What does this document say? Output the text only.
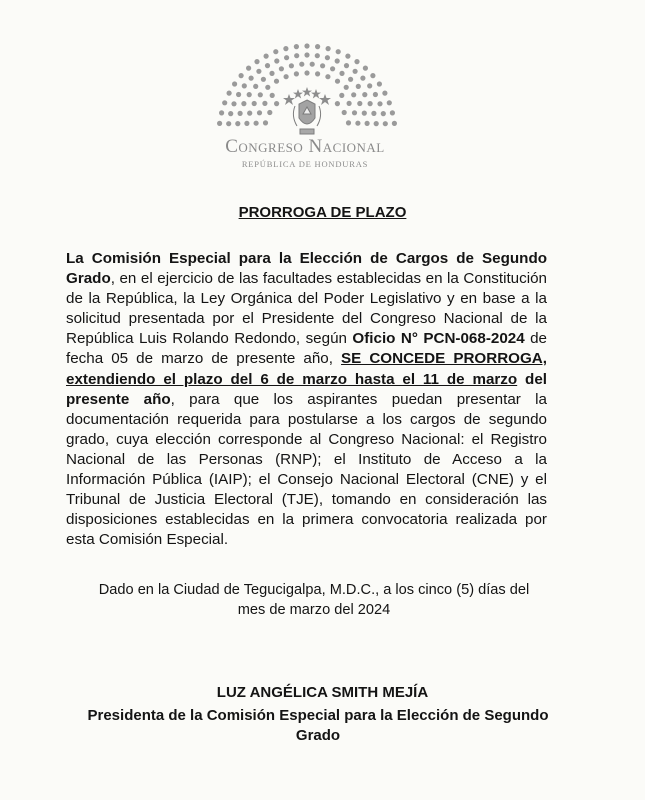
Congreso Nacional
REPÚBLICA DE HONDURAS
PRORROGA DE PLAZO
La Comisión Especial para la Elección de Cargos de Segundo Grado, en el ejercicio de las facultades establecidas en la Constitución de la República, la Ley Orgánica del Poder Legislativo y en base a la solicitud presentada por el Presidente del Congreso Nacional de la República Luis Rolando Redondo, según Oficio N° PCN-068-2024 de fecha 05 de marzo de presente año, SE CONCEDE PRORROGA, extendiendo el plazo del 6 de marzo hasta el 11 de marzo del presente año, para que los aspirantes puedan presentar la documentación requerida para postularse a los cargos de segundo grado, cuya elección corresponde al Congreso Nacional: el Registro Nacional de las Personas (RNP); el Instituto de Acceso a la Información Pública (IAIP); el Consejo Nacional Electoral (CNE) y el Tribunal de Justicia Electoral (TJE), tomando en consideración las disposiciones establecidas en la primera convocatoria realizada por esta Comisión Especial.
Dado en la Ciudad de Tegucigalpa, M.D.C., a los cinco (5) días del mes de marzo del 2024
LUZ ANGÉLICA SMITH MEJÍA
Presidenta de la Comisión Especial para la Elección de Segundo Grado
